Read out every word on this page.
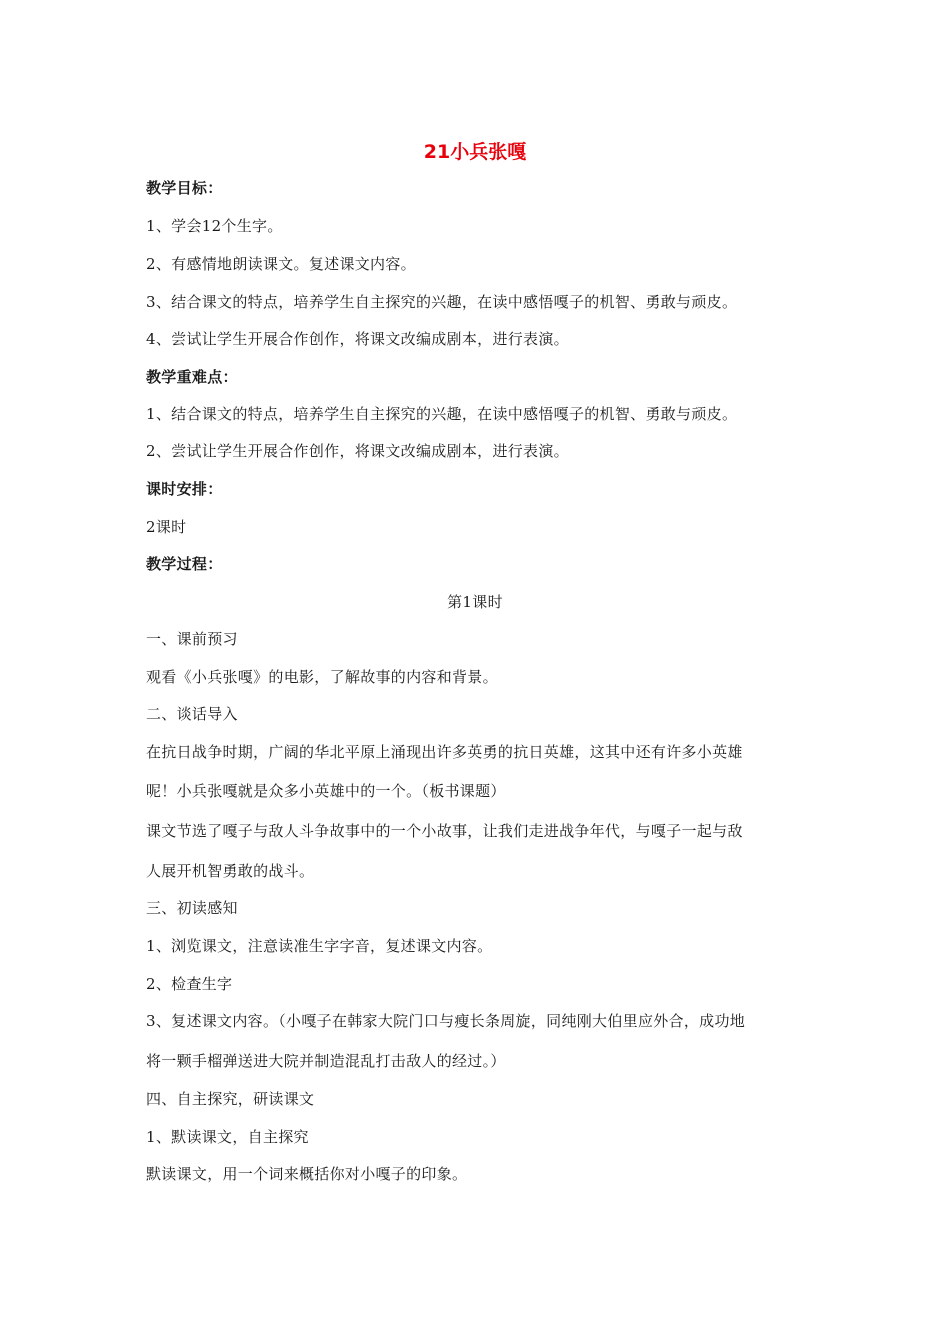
21小兵张嘎
教学目标：
1、学会12个生字。
2、有感情地朗读课文。复述课文内容。
3、结合课文的特点，培养学生自主探究的兴趣，在读中感悟嘎子的机智、勇敢与顽皮。
4、尝试让学生开展合作创作，将课文改编成剧本，进行表演。
教学重难点：
1、结合课文的特点，培养学生自主探究的兴趣，在读中感悟嘎子的机智、勇敢与顽皮。
2、尝试让学生开展合作创作，将课文改编成剧本，进行表演。
课时安排：
2课时
教学过程：
第1课时
一、课前预习
观看《小兵张嘎》的电影，了解故事的内容和背景。
二、谈话导入
在抗日战争时期，广阔的华北平原上涌现出许多英勇的抗日英雄，这其中还有许多小英雄
呢！小兵张嘎就是众多小英雄中的一个。（板书课题）
课文节选了嘎子与敌人斗争故事中的一个小故事，让我们走进战争年代，与嘎子一起与敌
人展开机智勇敢的战斗。
三、初读感知
1、浏览课文，注意读准生字字音，复述课文内容。
2、检查生字
3、复述课文内容。（小嘎子在韩家大院门口与瘦长条周旋，同纯刚大伯里应外合，成功地
将一颗手榴弹送进大院并制造混乱打击敌人的经过。）
四、自主探究，研读课文
1、默读课文，自主探究
默读课文，用一个词来概括你对小嘎子的印象。
